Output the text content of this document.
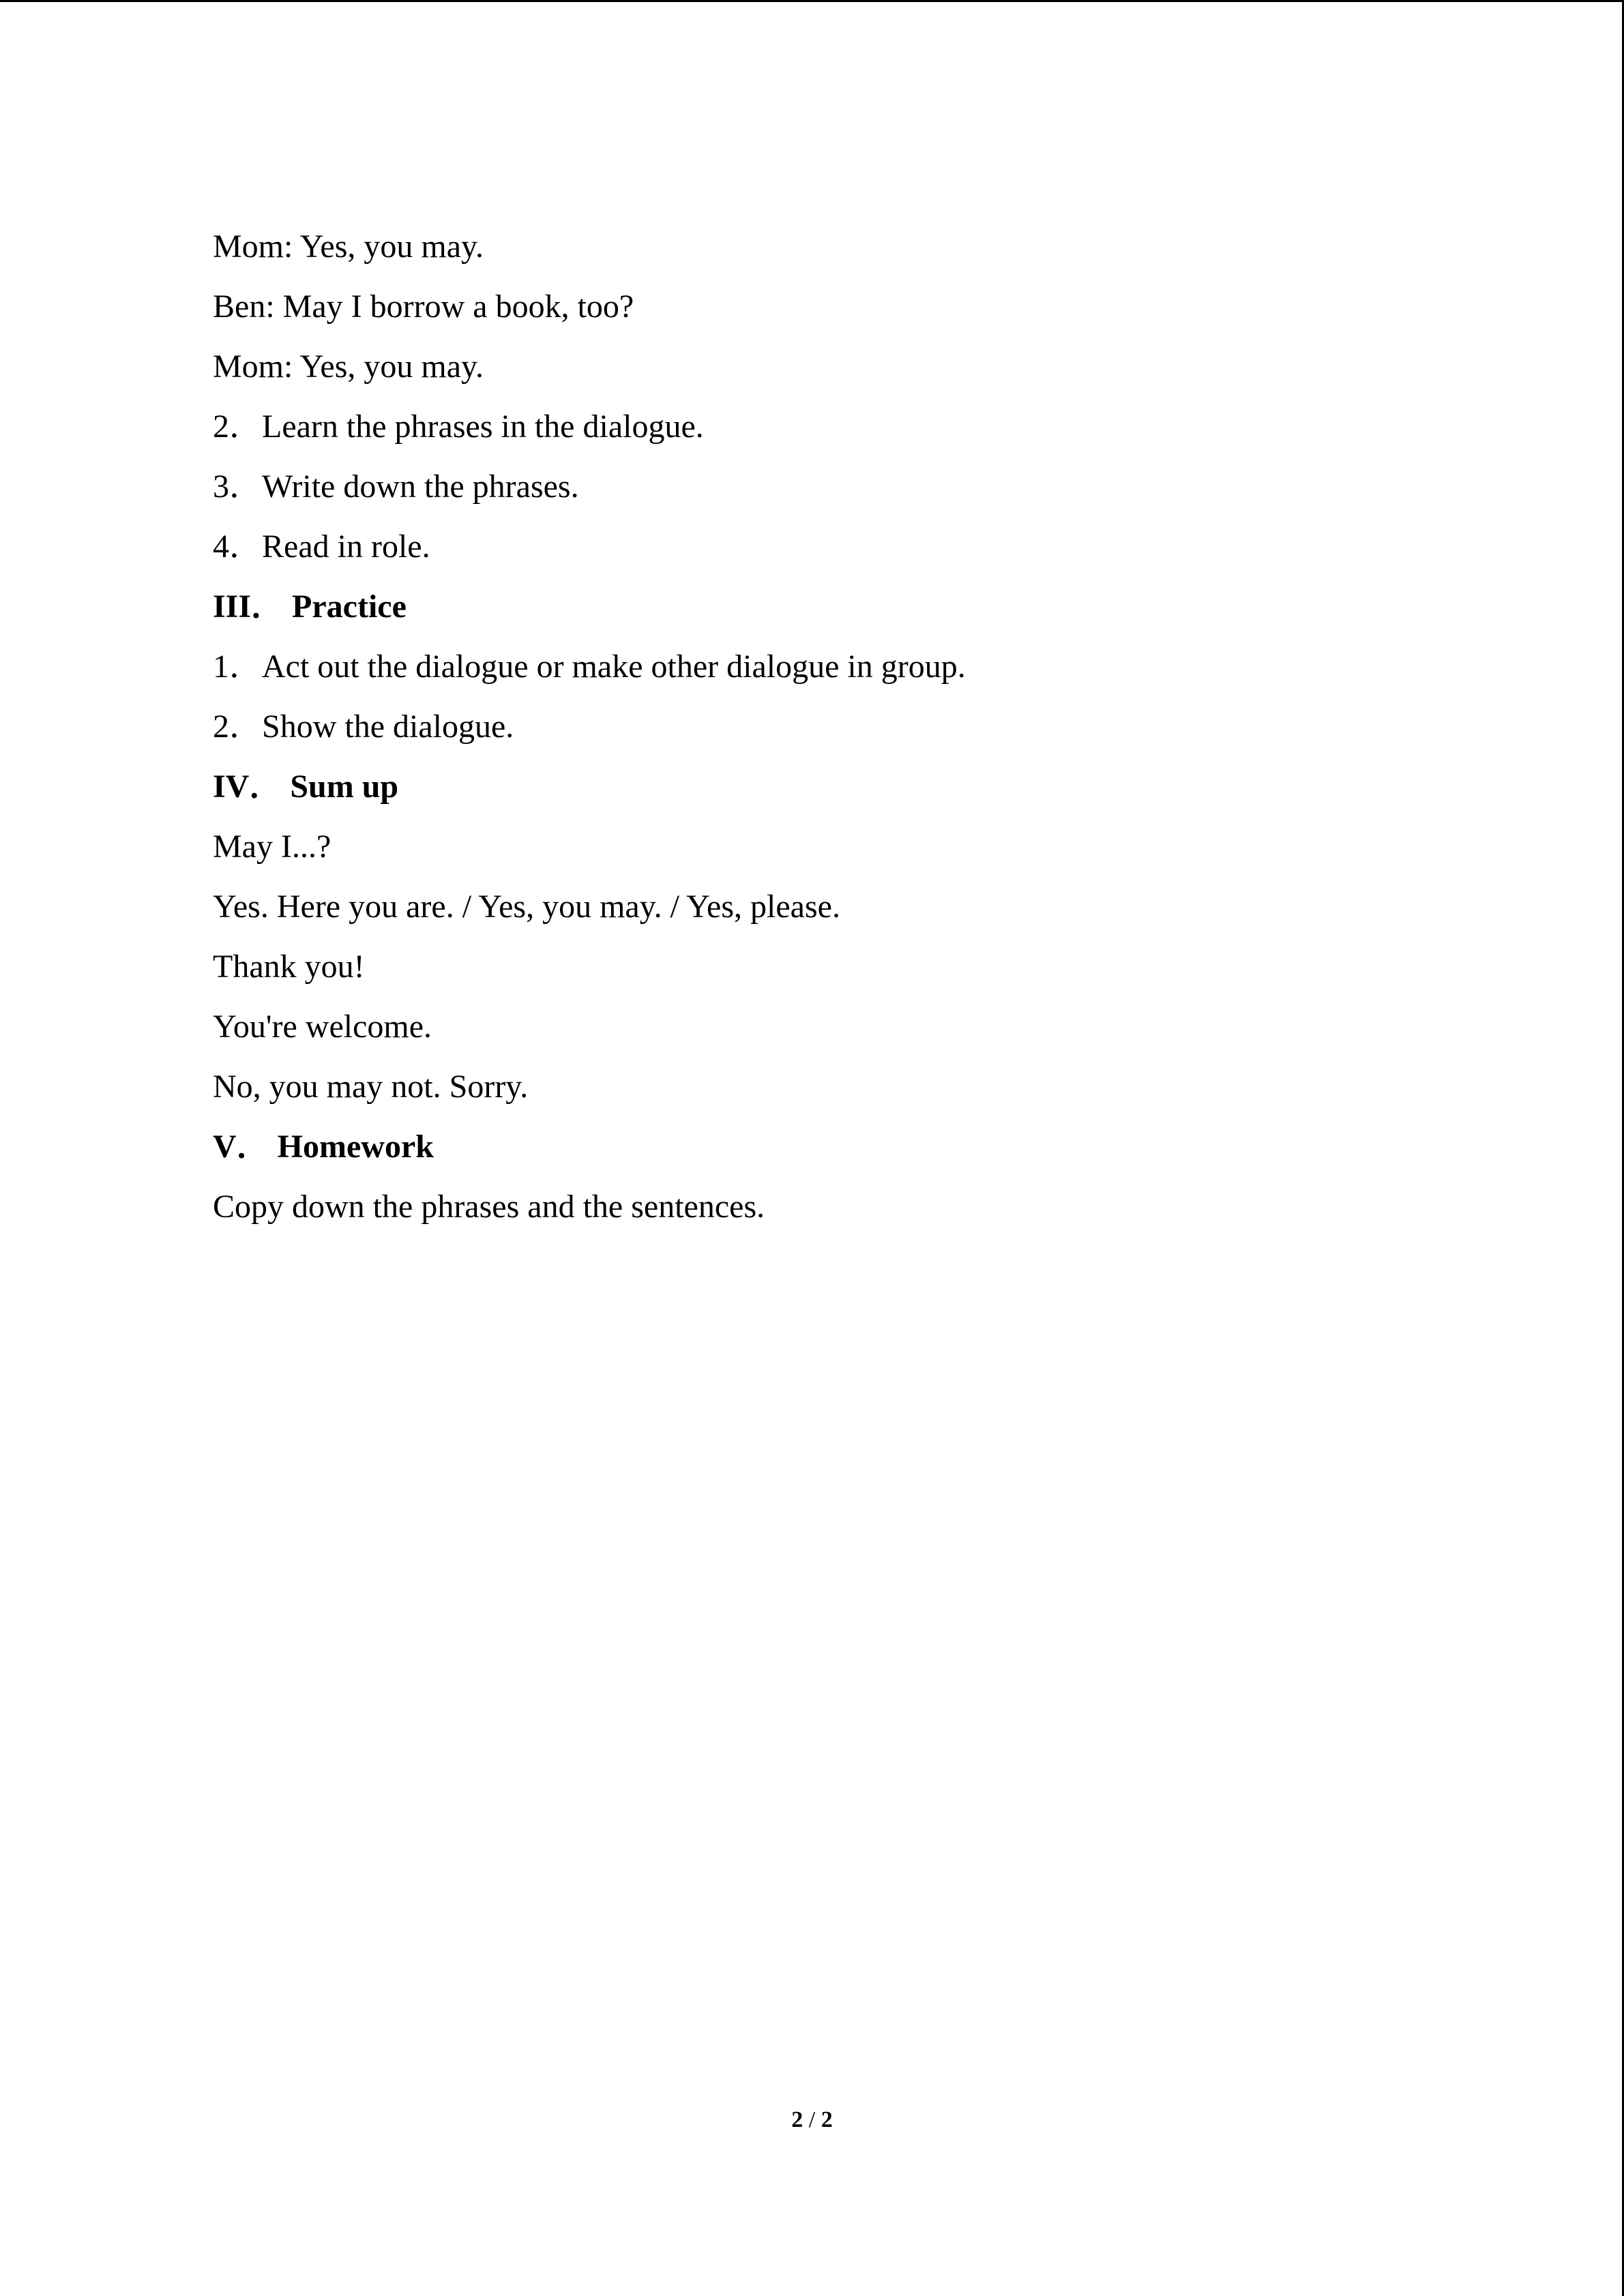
Mom: Yes, you may.

Ben: May I borrow a book, too?

Mom: Yes, you may.

2．Learn the phrases in the dialogue.

3．Write down the phrases.

4．Read in role.

III． Practice

1．Act out the dialogue or make other dialogue in group.

2．Show the dialogue.

IV． Sum up

May I...?

Yes. Here you are. / Yes, you may. / Yes, please.

Thank you!

You're welcome.

No, you may not. Sorry.

V． Homework

Copy down the phrases and the sentences.

2 / 2
